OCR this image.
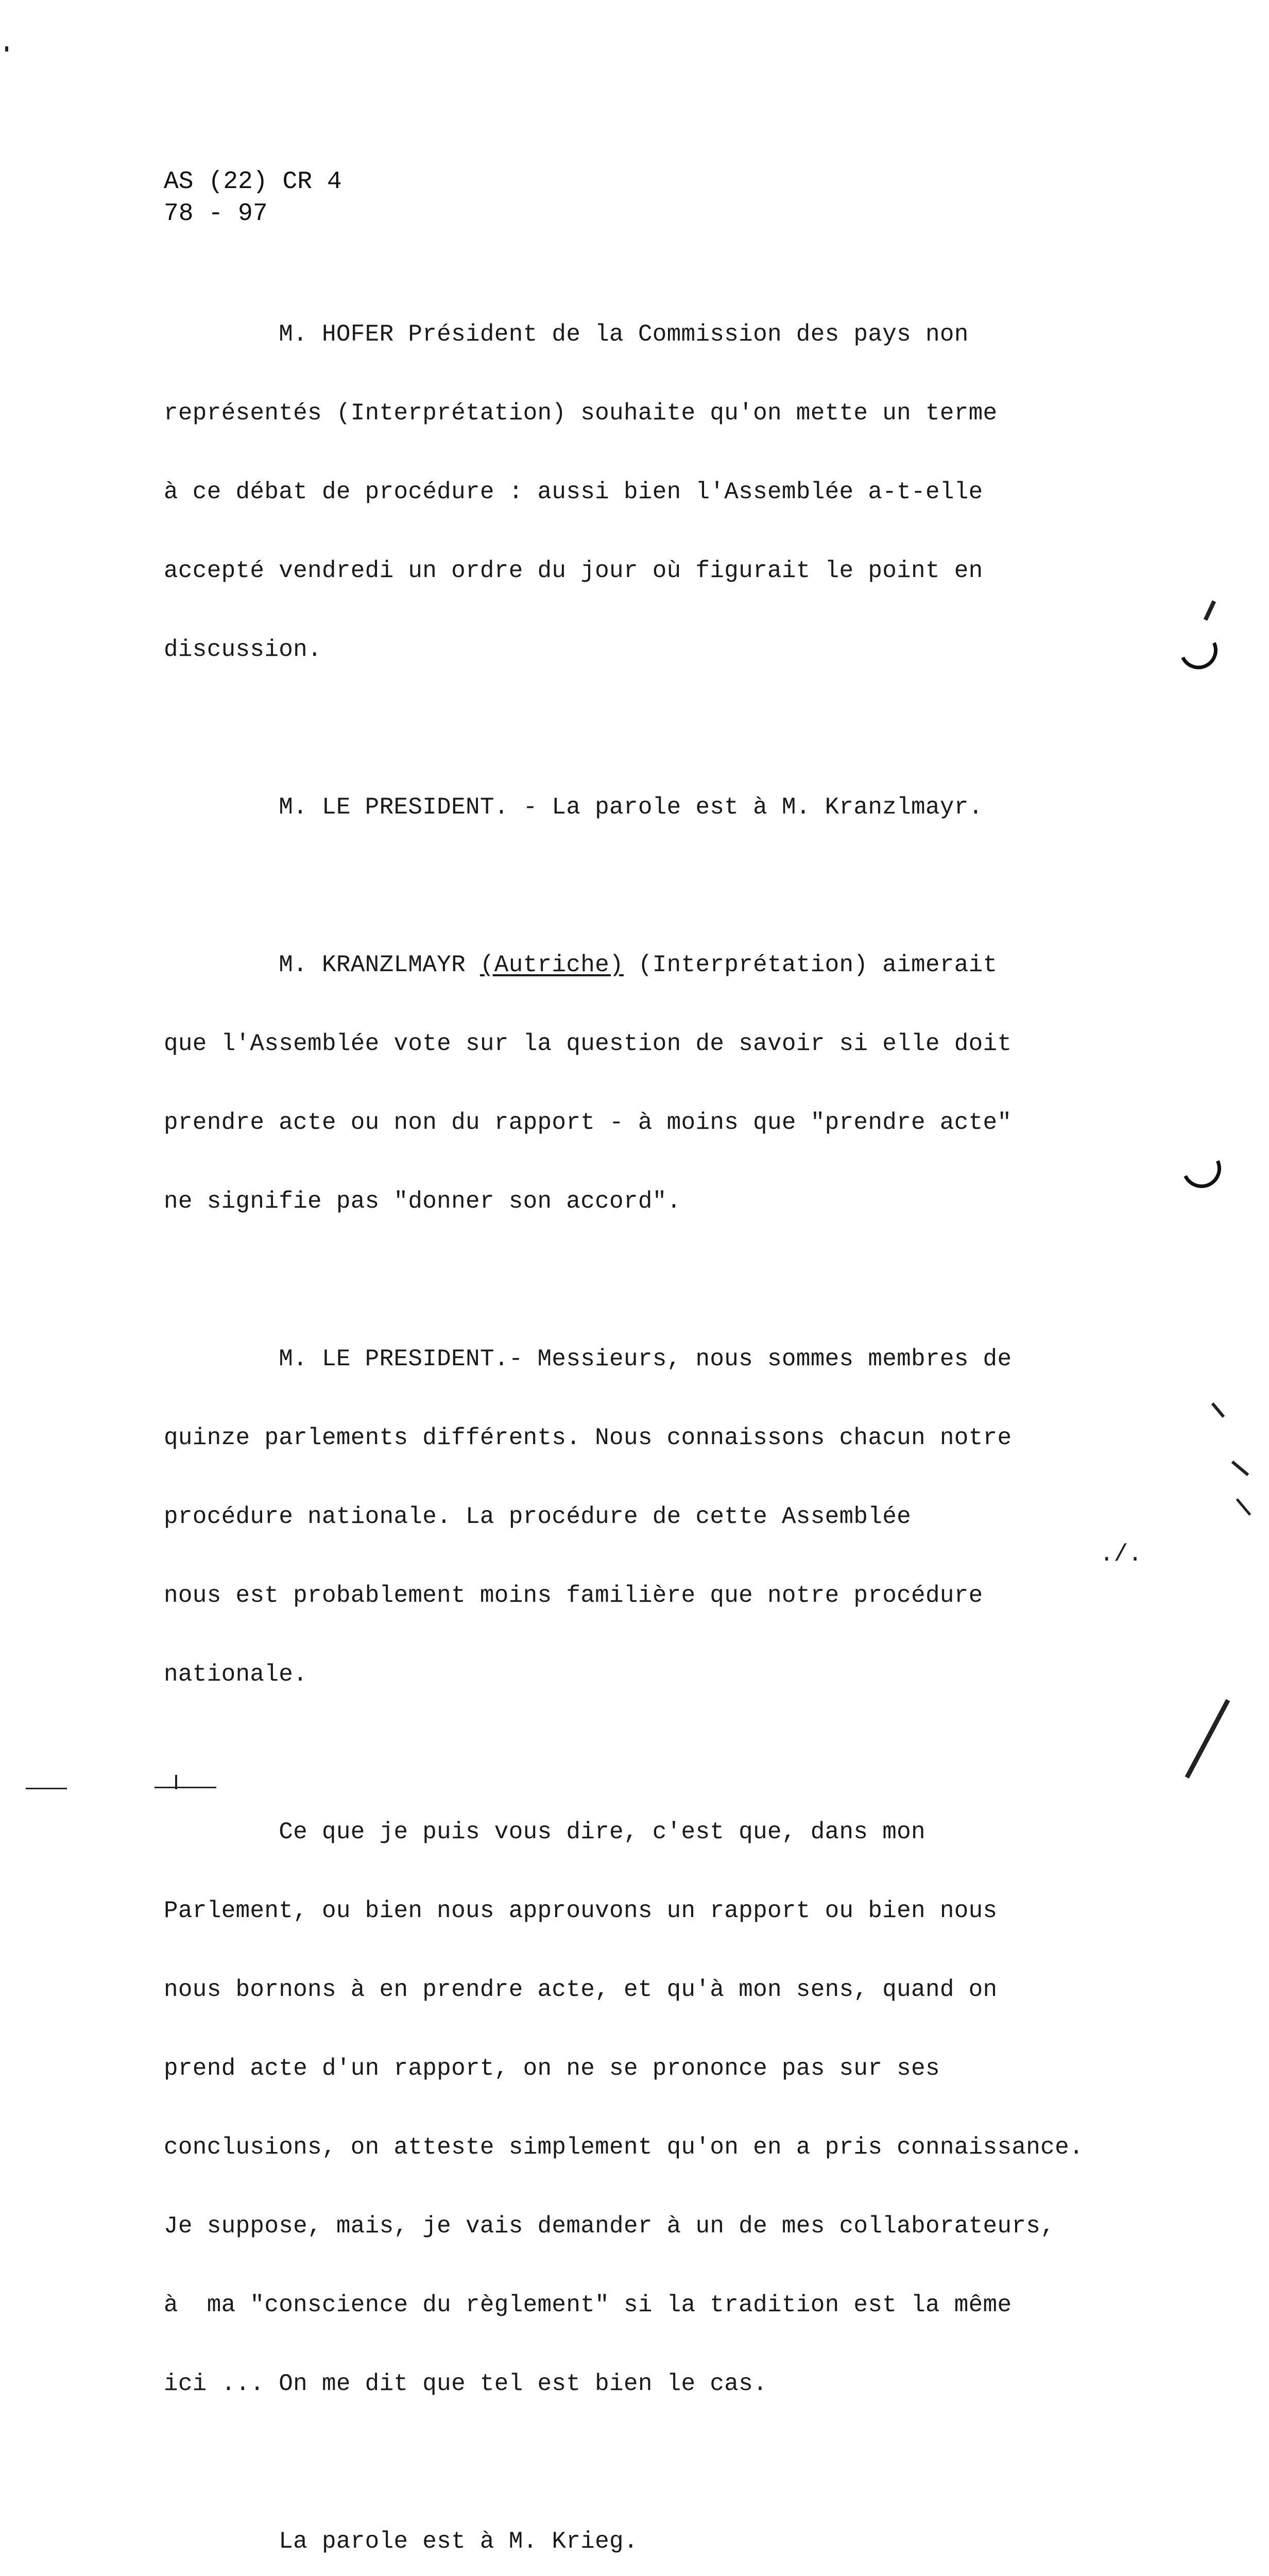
AS (22) CR 4
78 - 97

M. HOFER Président de la Commission des pays non

représentés (Interprétation) souhaite qu'on mette un terme

à ce débat de procédure : aussi bien l'Assemblée a-t-elle

accepté vendredi un ordre du jour où figurait le point en

discussion.

M. LE PRESIDENT. - La parole est à M. Kranzlmayr.

M. KRANZLMAYR (Autriche) (Interprétation) aimerait

que l'Assemblée vote sur la question de savoir si elle doit

prendre acte ou non du rapport - à moins que "prendre acte"

ne signifie pas "donner son accord".

M. LE PRESIDENT.- Messieurs, nous sommes membres de

quinze parlements différents. Nous connaissons chacun notre

procédure nationale. La procédure de cette Assemblée

nous est probablement moins familière que notre procédure

nationale.

Ce que je puis vous dire, c'est que, dans mon

Parlement, ou bien nous approuvons un rapport ou bien nous

nous bornons à en prendre acte, et qu'à mon sens, quand on

prend acte d'un rapport, on ne se prononce pas sur ses

conclusions, on atteste simplement qu'on en a pris connaissance.

Je suppose, mais, je vais demander à un de mes collaborateurs,

à  ma "conscience du règlement" si la tradition est la même

ici ... On me dit que tel est bien le cas.

La parole est à M. Krieg.

./.
